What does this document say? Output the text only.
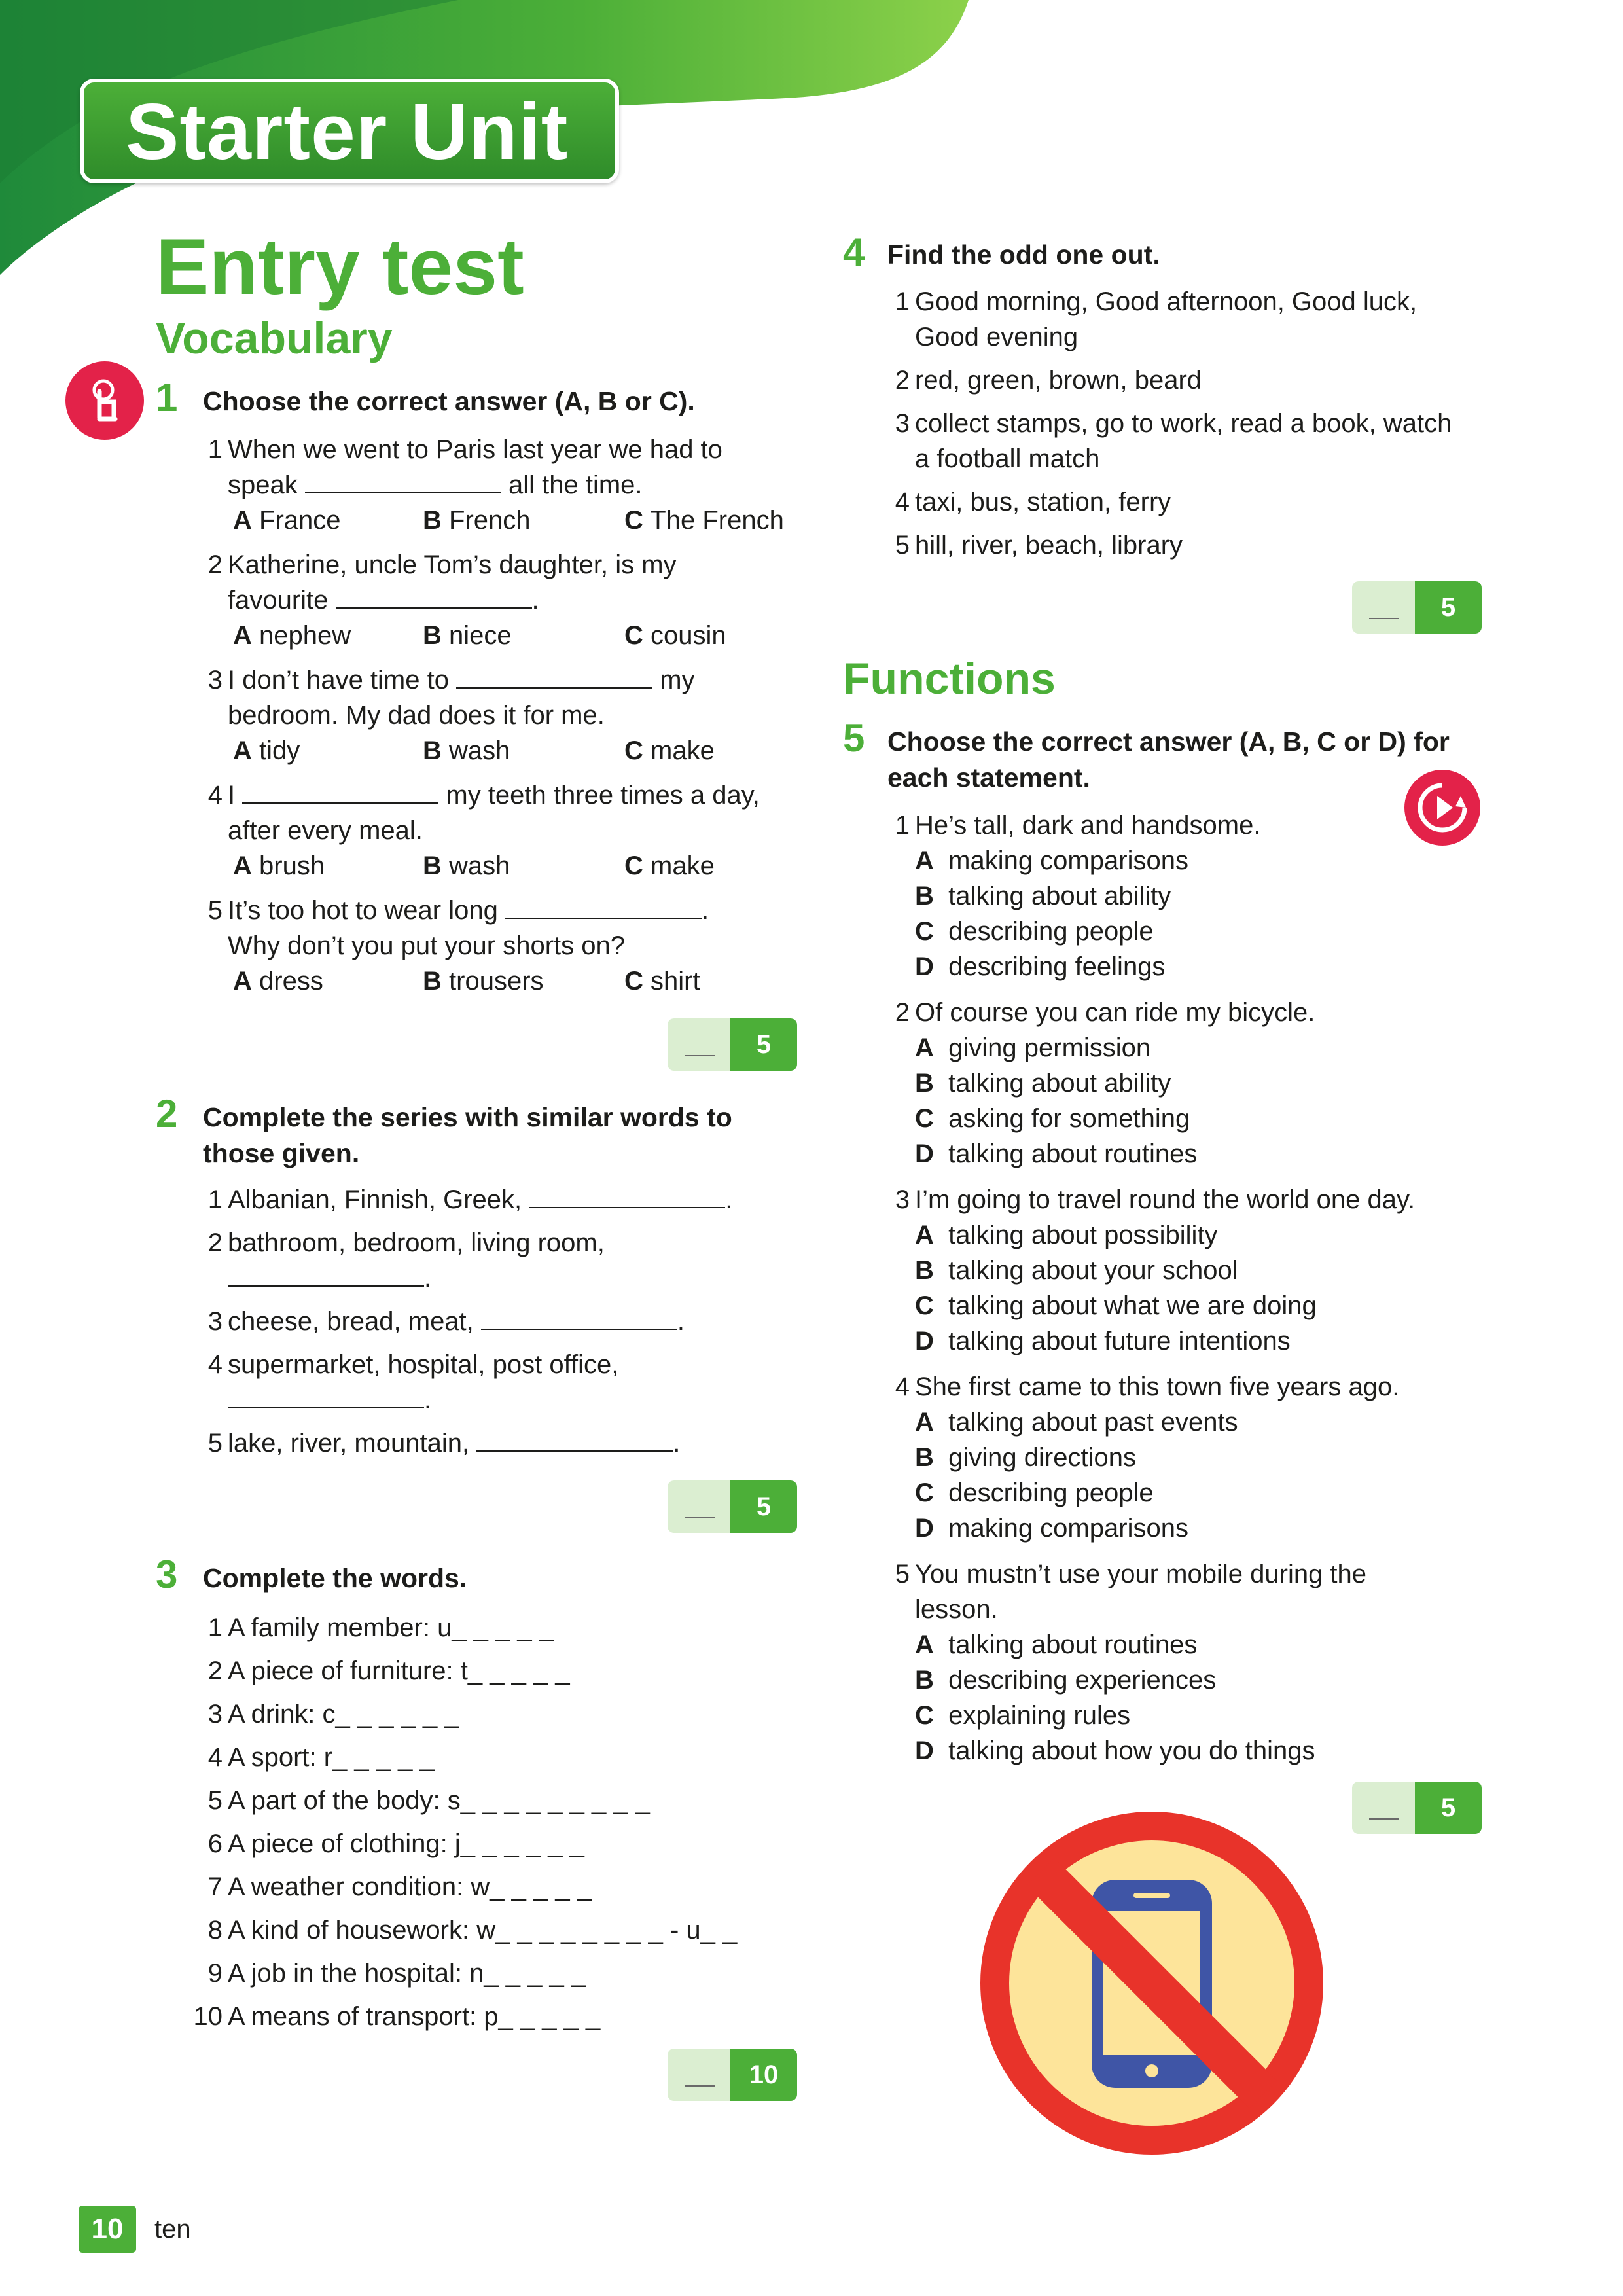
Starter Unit
Entry test
Vocabulary
1 Choose the correct answer (A, B or C).
1 When we went to Paris last year we had to
speak	all the time.
A France	B French	C The French
2 Katherine, uncle Tom’s daughter, is my
favourite	.
A nephew	B niece	C cousin
3 I don’t have time to	my
bedroom. My dad does it for me.
A tidy	B wash	C make
4 I	my teeth three times a day,
after every meal.
A brush	B wash	C make
5 It’s too hot to wear long	.
Why don’t you put your shorts on?
A dress	B trousers	C shirt
5
2 Complete the series with similar words to
those given.
1 Albanian, Finnish, Greek,	.
2 bathroom, bedroom, living room,
.
3 cheese, bread, meat,	.
4 supermarket, hospital, post office,
.
5 lake, river, mountain,	.
5
3 Complete the words.
1 A family member: u_ _ _ _ _
2 A piece of furniture: t_ _ _ _ _
3 A drink: c_ _ _ _ _ _
4 A sport: r_ _ _ _ _
5 A part of the body: s_ _ _ _ _ _ _ _ _
6 A piece of clothing: j_ _ _ _ _ _
7 A weather condition: w_ _ _ _ _
8 A kind of housework: w_ _ _ _ _ _ _ _ - u_ _
9 A job in the hospital: n_ _ _ _ _
10 A means of transport: p_ _ _ _ _
10
4 Find the odd one out.
1 Good morning, Good afternoon, Good luck,
Good evening
2 red, green, brown, beard
3 collect stamps, go to work, read a book, watch
a football match
4 taxi, bus, station, ferry
5 hill, river, beach, library
5
Functions
5 Choose the correct answer (A, B, C or D) for
each statement.
1 He’s tall, dark and handsome.
A making comparisons
B talking about ability
C describing people
D describing feelings
2 Of course you can ride my bicycle.
A giving permission
B talking about ability
C asking for something
D talking about routines
3 I’m going to travel round the world one day.
A talking about possibility
B talking about your school
C talking about what we are doing
D talking about future intentions
4 She first came to this town five years ago.
A talking about past events
B giving directions
C describing people
D making comparisons
5 You mustn’t use your mobile during the
lesson.
A talking about routines
B describing experiences
C explaining rules
D talking about how you do things
5
10	ten
